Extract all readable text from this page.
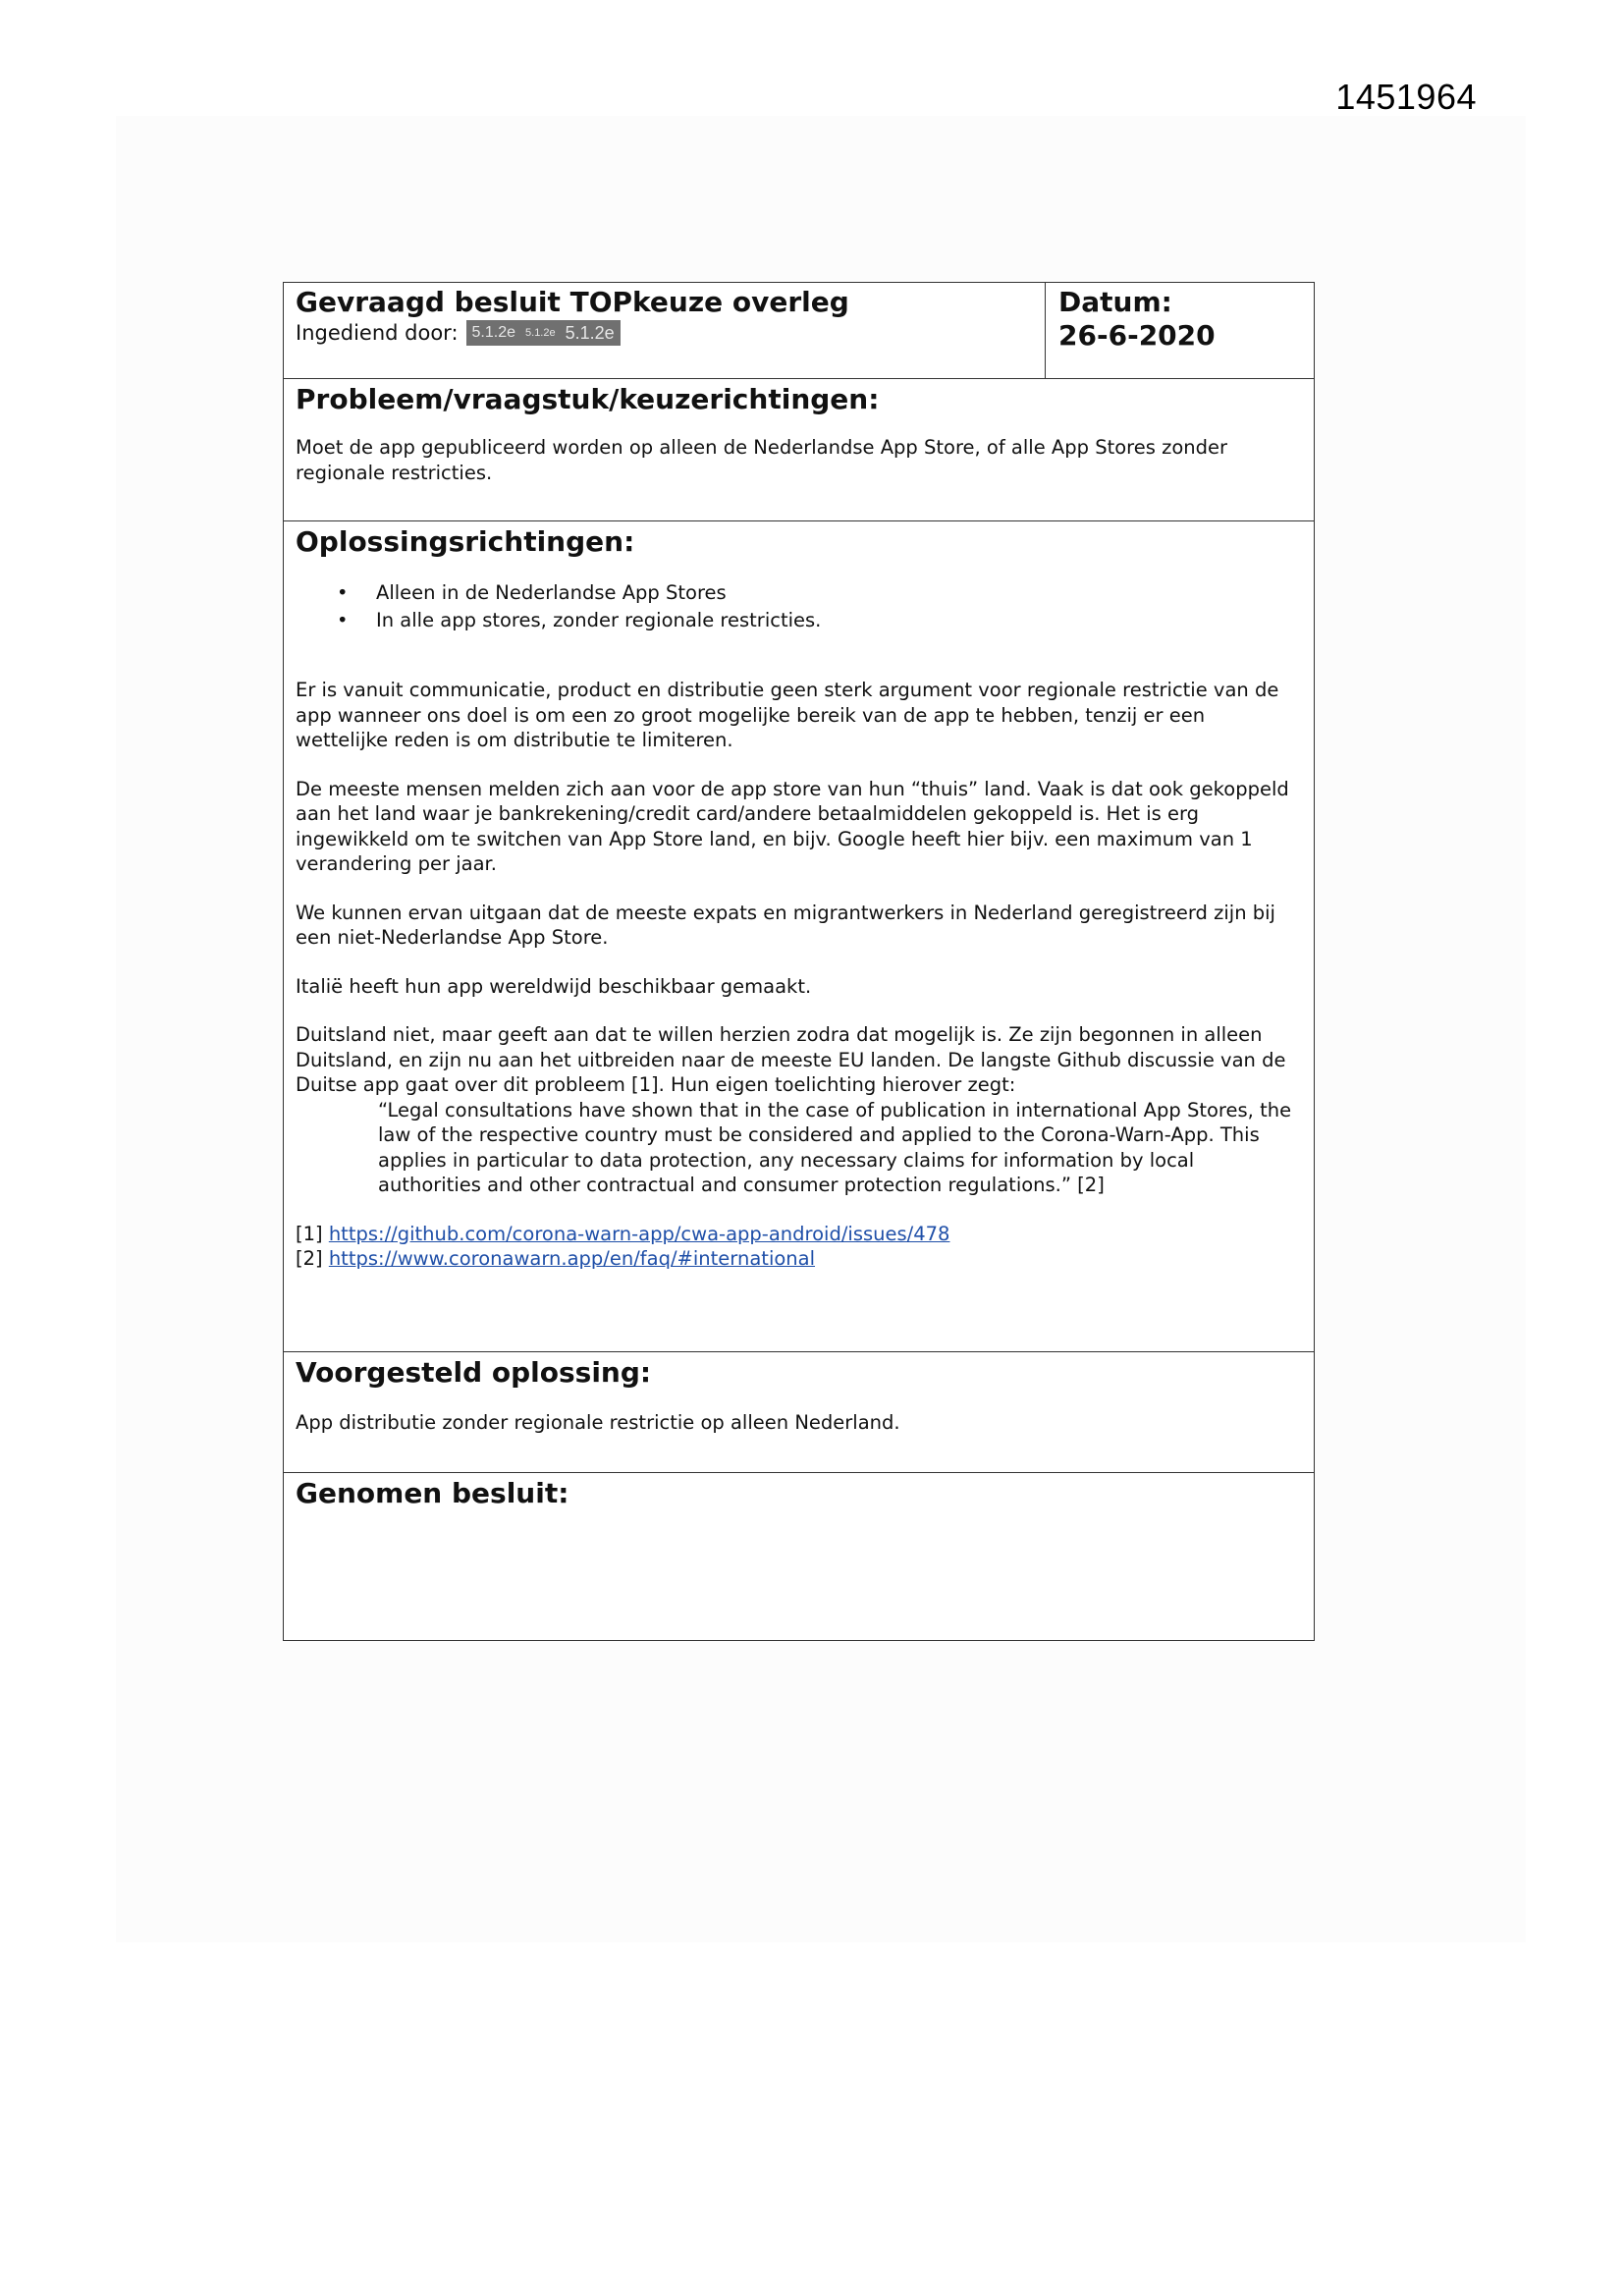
1451964
Gevraagd besluit TOPkeuze overleg
Ingediend door: 5.1.2e 5.1.2e 5.1.2e
Datum:
26-6-2020
Probleem/vraagstuk/keuzerichtingen:

Moet de app gepubliceerd worden op alleen de Nederlandse App Store, of alle App Stores zonder regionale restricties.

Oplossingsrichtingen:
• Alleen in de Nederlandse App Stores
• In alle app stores, zonder regionale restricties.

Er is vanuit communicatie, product en distributie geen sterk argument voor regionale restrictie van de app wanneer ons doel is om een zo groot mogelijke bereik van de app te hebben, tenzij er een wettelijke reden is om distributie te limiteren.

De meeste mensen melden zich aan voor de app store van hun “thuis” land. Vaak is dat ook gekoppeld aan het land waar je bankrekening/credit card/andere betaalmiddelen gekoppeld is. Het is erg ingewikkeld om te switchen van App Store land, en bijv. Google heeft hier bijv. een maximum van 1 verandering per jaar.

We kunnen ervan uitgaan dat de meeste expats en migrantwerkers in Nederland geregistreerd zijn bij een niet-Nederlandse App Store.

Italië heeft hun app wereldwijd beschikbaar gemaakt.

Duitsland niet, maar geeft aan dat te willen herzien zodra dat mogelijk is. Ze zijn begonnen in alleen Duitsland, en zijn nu aan het uitbreiden naar de meeste EU landen. De langste Github discussie van de Duitse app gaat over dit probleem [1]. Hun eigen toelichting hierover zegt:

“Legal consultations have shown that in the case of publication in international App Stores, the law of the respective country must be considered and applied to the Corona-Warn-App. This applies in particular to data protection, any necessary claims for information by local authorities and other contractual and consumer protection regulations.” [2]

[1] https://github.com/corona-warn-app/cwa-app-android/issues/478

[2] https://www.coronawarn.app/en/faq/#international

Voorgesteld oplossing:

App distributie zonder regionale restrictie op alleen Nederland.

Genomen besluit:
